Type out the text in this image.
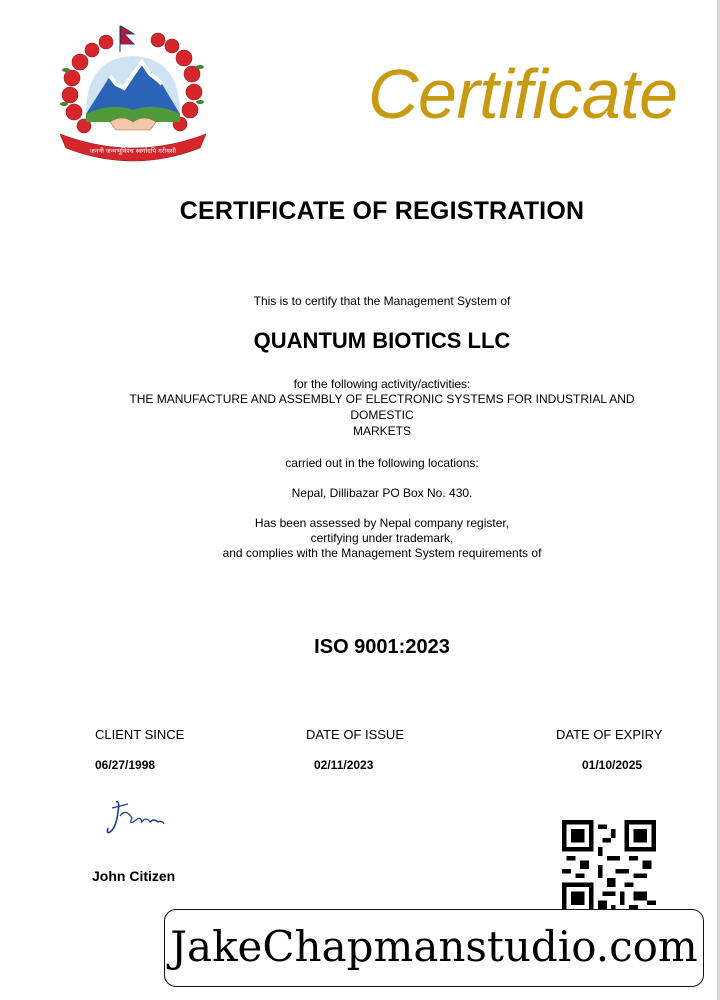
जननी जन्मभूमिश्च स्वर्गादपि गरीयसी
Certificate
CERTIFICATE OF REGISTRATION
This is to certify that the Management System of
QUANTUM BIOTICS LLC
for the following activity/activities:
THE MANUFACTURE AND ASSEMBLY OF ELECTRONIC SYSTEMS FOR INDUSTRIAL AND
DOMESTIC
MARKETS
carried out in the following locations:
Nepal, Dillibazar PO Box No. 430.
Has been assessed by Nepal company register,
certifying under trademark,
and complies with the Management System requirements of
ISO 9001:2023
CLIENT SINCE	DATE OF ISSUE	DATE OF EXPIRY
06/27/1998	02/11/2023	01/10/2025
John Citizen
JakeChapmanstudio.com
